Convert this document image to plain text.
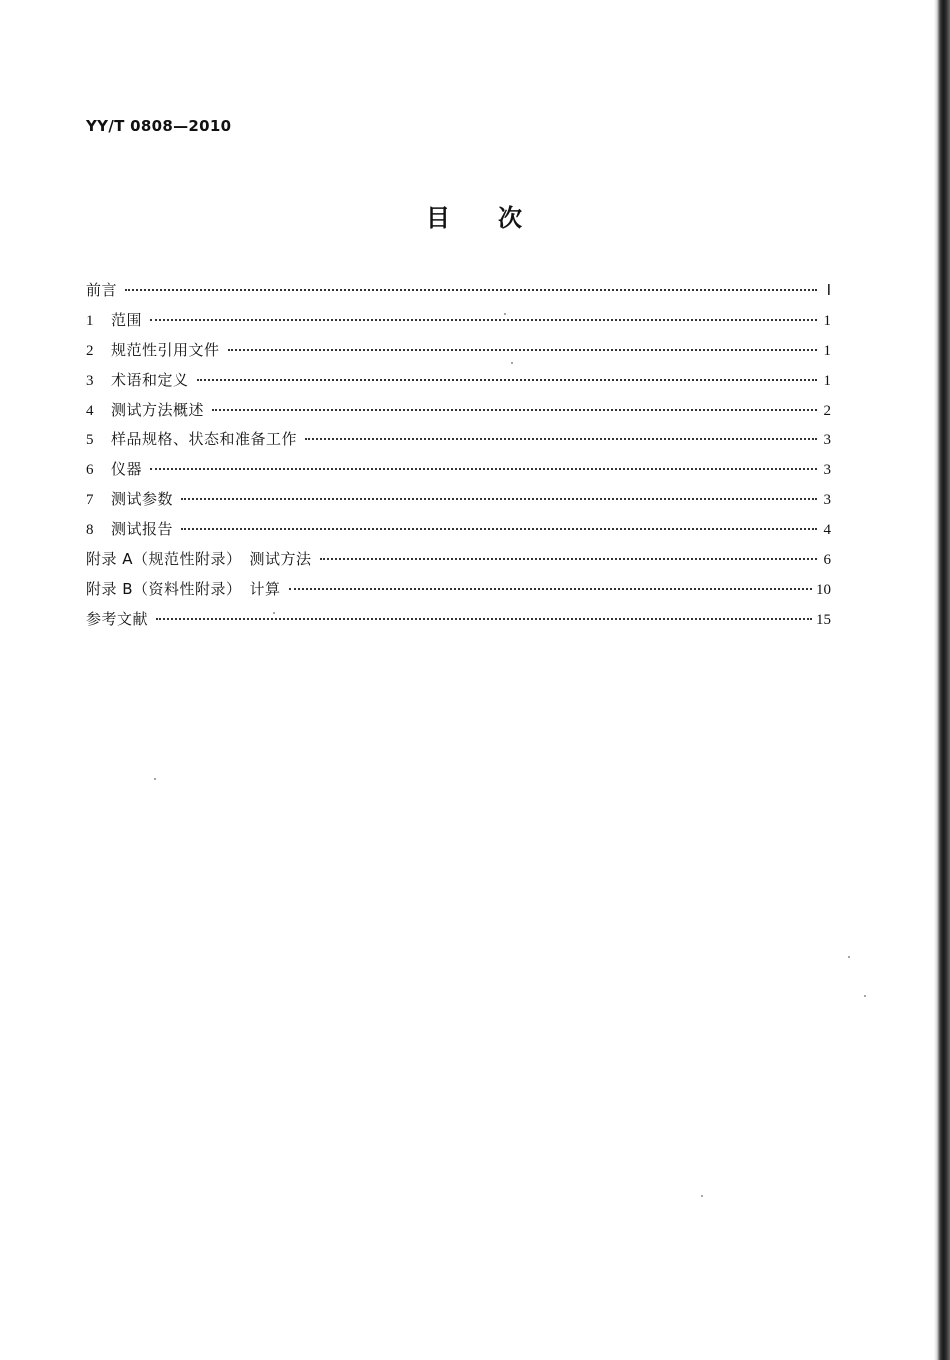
YY/T 0808—2010
目次
前言	Ⅰ
1	范围	1
2	规范性引用文件	1
3	术语和定义	1
4	测试方法概述	2
5	样品规格、状态和准备工作	3
6	仪器	3
7	测试参数	3
8	测试报告	4
附录 A（规范性附录）　测试方法	6
附录 B（资料性附录）　计算	10
参考文献	15
